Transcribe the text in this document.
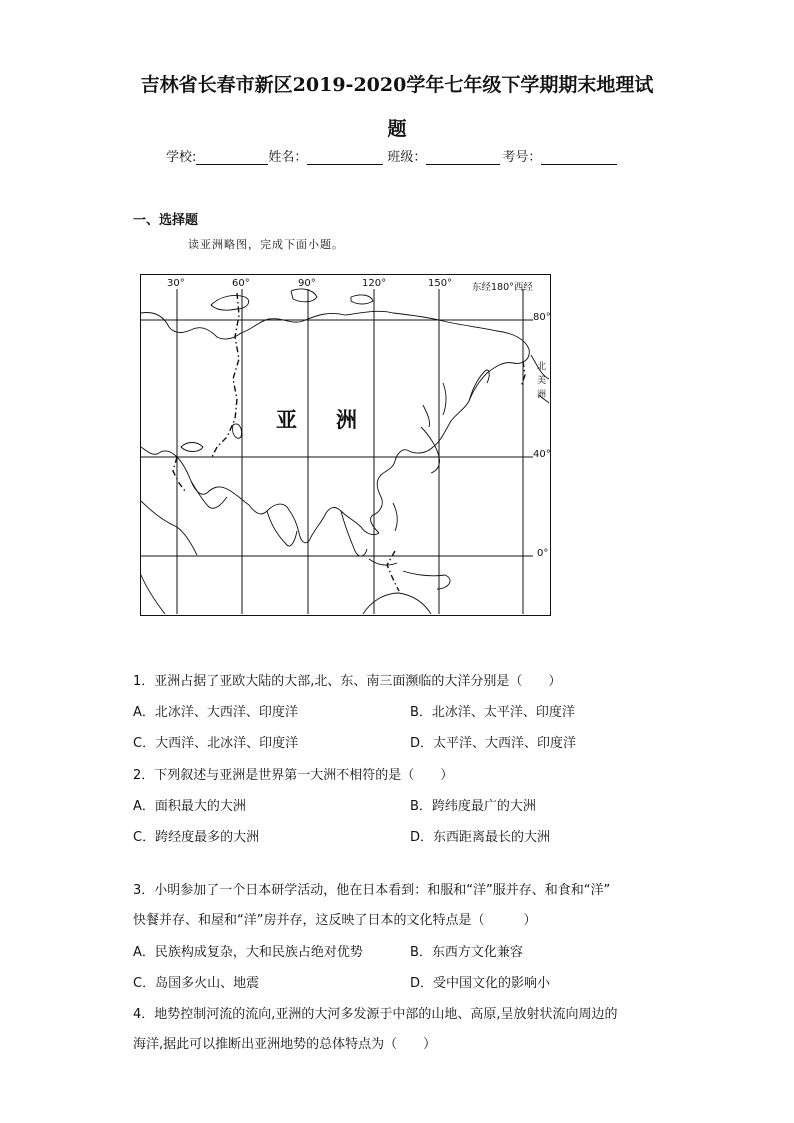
吉林省长春市新区2019-2020学年七年级下学期期末地理试
题
学校:	姓名：	班级：	考号：
一、选择题
读亚洲略图，完成下面小题。
30°	60°	90°	120°	150° 东经180°西经
80°
40°
0°
北
美
洲
亚 洲
1．亚洲占据了亚欧大陆的大部,北、东、南三面濒临的大洋分别是（　　）
A．北冰洋、大西洋、印度洋	B．北冰洋、太平洋、印度洋
C．大西洋、北冰洋、印度洋	D．太平洋、大西洋、印度洋
2．下列叙述与亚洲是世界第一大洲不相符的是（　　）
A．面积最大的大洲	B．跨纬度最广的大洲
C．跨经度最多的大洲	D．东西距离最长的大洲
3．小明参加了一个日本研学活动，他在日本看到：和服和“洋”服并存、和食和“洋”
快餐并存、和屋和“洋”房并存，这反映了日本的文化特点是（　　　）
A．民族构成复杂，大和民族占绝对优势	B．东西方文化兼容
C．岛国多火山、地震	D．受中国文化的影响小
4．地势控制河流的流向,亚洲的大河多发源于中部的山地、高原,呈放射状流向周边的
海洋,据此可以推断出亚洲地势的总体特点为（　　）
